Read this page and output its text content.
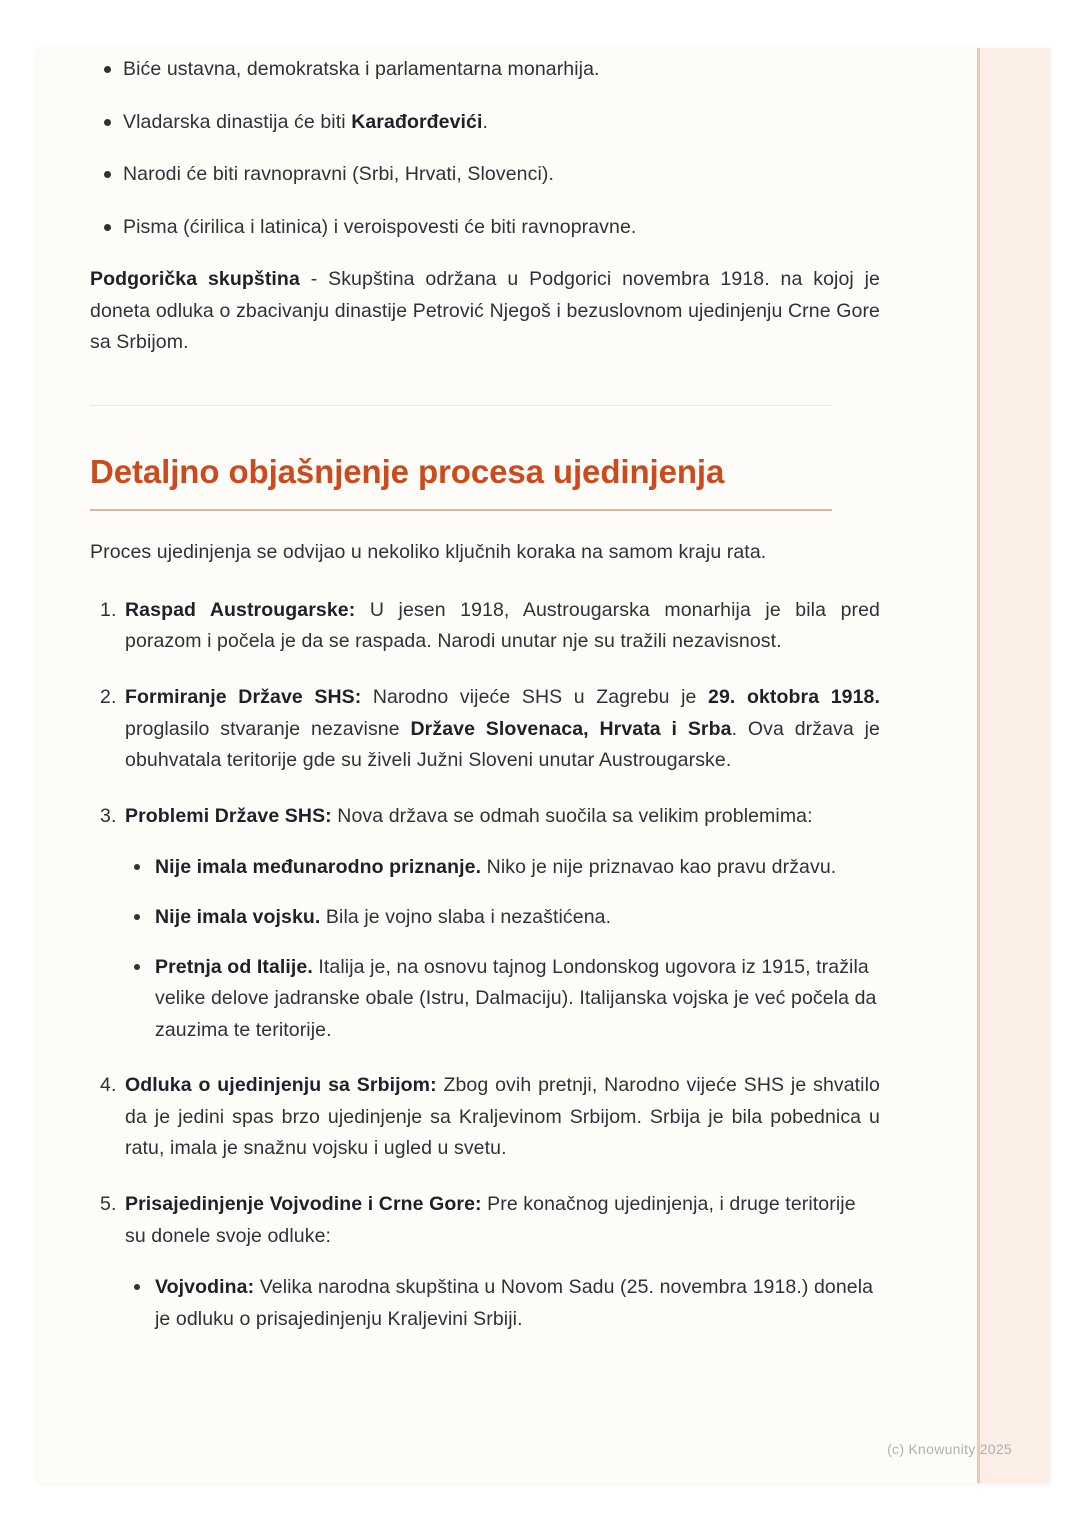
Biće ustavna, demokratska i parlamentarna monarhija.
Vladarska dinastija će biti Karađorđevići.
Narodi će biti ravnopravni (Srbi, Hrvati, Slovenci).
Pisma (ćirilica i latinica) i veroispovesti će biti ravnopravne.

Podgorička skupština - Skupština održana u Podgorici novembra 1918. na kojoj je doneta odluka o zbacivanju dinastije Petrović Njegoš i bezuslovnom ujedinjenju Crne Gore sa Srbijom.

Detaljno objašnjenje procesa ujedinjenja

Proces ujedinjenja se odvijao u nekoliko ključnih koraka na samom kraju rata.

Raspad Austrougarske: U jesen 1918, Austrougarska monarhija je bila pred porazom i počela je da se raspada. Narodi unutar nje su tražili nezavisnost.
Formiranje Države SHS: Narodno vijeće SHS u Zagrebu je 29. oktobra 1918. proglasilo stvaranje nezavisne Države Slovenaca, Hrvata i Srba. Ova država je obuhvatala teritorije gde su živeli Južni Sloveni unutar Austrougarske.
Problemi Države SHS: Nova država se odmah suočila sa velikim problemima:
Nije imala međunarodno priznanje. Niko je nije priznavao kao pravu državu.
Nije imala vojsku. Bila je vojno slaba i nezaštićena.
Pretnja od Italije. Italija je, na osnovu tajnog Londonskog ugovora iz 1915, tražila velike delove jadranske obale (Istru, Dalmaciju). Italijanska vojska je već počela da zauzima te teritorije.
Odluka o ujedinjenju sa Srbijom: Zbog ovih pretnji, Narodno vijeće SHS je shvatilo da je jedini spas brzo ujedinjenje sa Kraljevinom Srbijom. Srbija je bila pobednica u ratu, imala je snažnu vojsku i ugled u svetu.
Prisajedinjenje Vojvodine i Crne Gore: Pre konačnog ujedinjenja, i druge teritorije su donele svoje odluke:
Vojvodina: Velika narodna skupština u Novom Sadu (25. novembra 1918.) donela je odluku o prisajedinjenju Kraljevini Srbiji.
(c) Knowunity 2025
